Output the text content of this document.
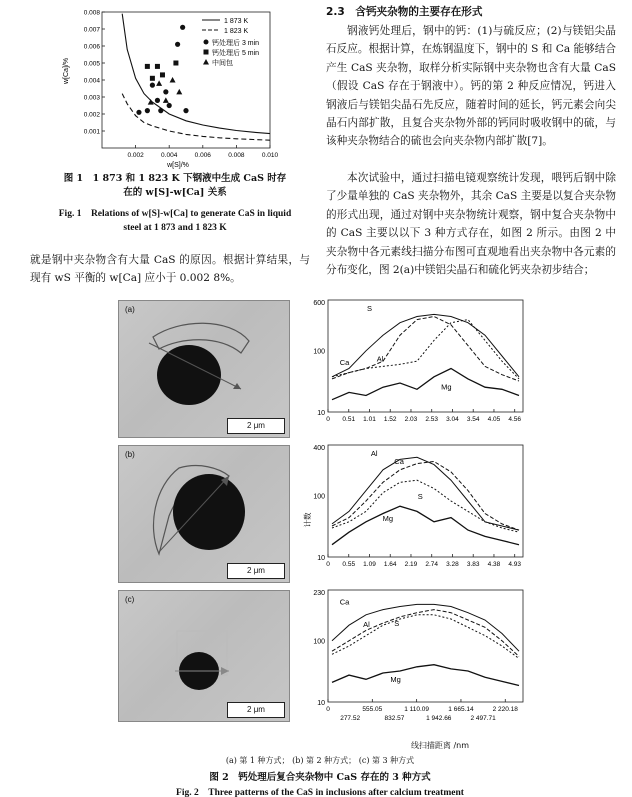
0.001
0.002
0.003
0.004
0.005
0.006
0.007
0.008
0.002	0.004	0.006	0.008	0.010
w[Ca]/%
w[S]/%
1 873 K
1 823 K
钙处理后 3 min
钙处理后 5 min
中间包
图 1　1 873 和 1 823 K 下钢液中生成 CaS 时存在的 w[S]-w[Ca] 关系
Fig. 1　Relations of w[S]-w[Ca] to generate CaS in liquid steel at 1 873 and 1 823 K
就是钢中夹杂物含有大量 CaS 的原因。根据计算结果，与现有 wS 平衡的 w[Ca] 应小于 0.002 8%。
2.3　含钙夹杂物的主要存在形式
钢液钙处理后，钢中的钙：(1)与硫反应；(2)与镁铝尖晶石反应。根据计算，在炼钢温度下，钢中的 S 和 Ca 能够结合产生 CaS 夹杂物，取样分析实际钢中夹杂物也含有大量 CaS（假设 CaS 存在于钢液中）。钙的第 2 种反应情况，钙进入钢液后与镁铝尖晶石先反应，随着时间的延长，钙元素会向尖晶石内部扩散，且复合夹杂物外部的钙同时吸收钢中的硫，与该种夹杂物结合的硫也会向夹杂物内部扩散[7]。
本次试验中，通过扫描电镜观察统计发现，喂钙后钢中除了少量单独的 CaS 夹杂物外，其余 CaS 主要是以复合夹杂物的形式出现，通过对钢中夹杂物统计观察，钢中复合夹杂物中的 CaS 主要以以下 3 种方式存在，如图 2 所示。由图 2 中夹杂物中各元素线扫描分布图可直观地看出夹杂物中各元素的分布变化，图 2(a)中镁铝尖晶石和硫化钙夹杂初步结合；
(a)
2 μm
(b)
2 μm
(c)
2 μm
10
100
600
0 0.51 1.01 1.52 2.03 2.53 3.04 3.54 4.05 4.56
S
Ca	Al
Mg
10
100
400
0 0.55 1.09 1.64 2.19 2.74 3.28 3.83 4.38 4.93
Al
Ca
S
Mg
10
100
230
0	555.05	1 110.09	1 665.14	2 220.18
277.52	832.57	1 942.66	2 497.71
Ca
Al	S
Mg
计数
线扫描距离 /nm
(a) 第 1 种方式； (b) 第 2 种方式； (c) 第 3 种方式
图 2　钙处理后复合夹杂物中 CaS 存在的 3 种方式
Fig. 2　Three patterns of the CaS in inclusions after calcium treatment
